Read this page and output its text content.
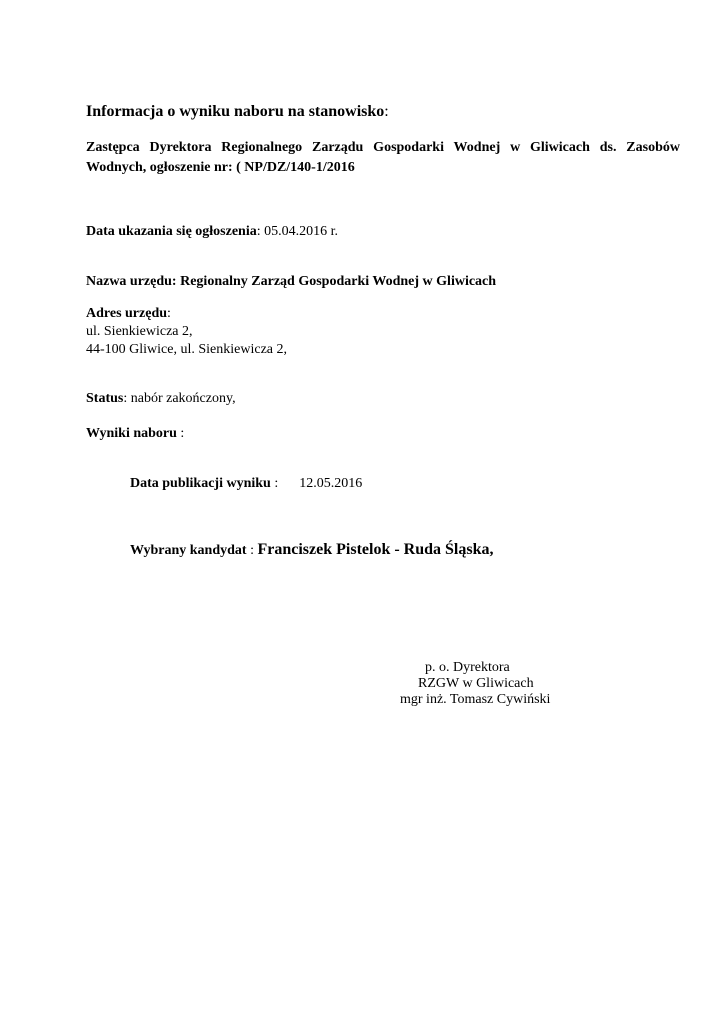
Informacja o wyniku naboru na stanowisko:
Zastępca Dyrektora Regionalnego Zarządu Gospodarki Wodnej w Gliwicach ds. Zasobów
Wodnych, ogłoszenie nr: ( NP/DZ/140-1/2016
Data ukazania się ogłoszenia: 05.04.2016 r.
Nazwa urzędu: Regionalny Zarząd Gospodarki Wodnej w Gliwicach
Adres urzędu:
ul. Sienkiewicza 2,
44-100 Gliwice, ul. Sienkiewicza 2,
Status: nabór zakończony,
Wyniki naboru :
Data publikacji wyniku : 12.05.2016
Wybrany kandydat : Franciszek Pistelok - Ruda Śląska,
p. o. Dyrektora
RZGW w Gliwicach
mgr inż. Tomasz Cywiński
